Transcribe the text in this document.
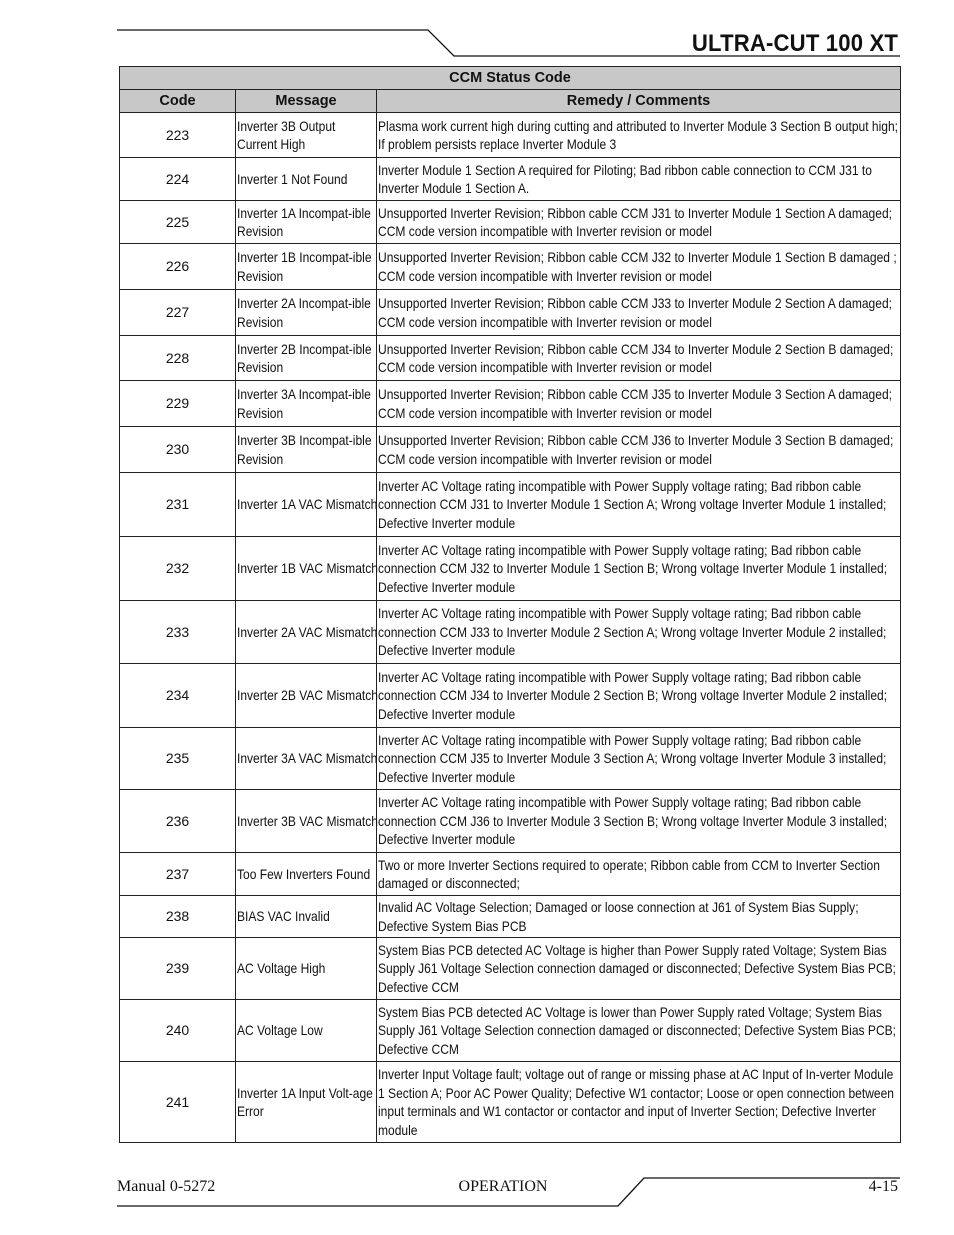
ULTRA-CUT 100 XT
CCM Status Code		
Code	Message	Remedy / Comments
223	Inverter 3B Output Current High	Plasma work current high during cutting and attributed to Inverter Module 3 Section B output high; If problem persists replace Inverter Module 3
224	Inverter 1 Not Found	Inverter Module 1 Section A required for Piloting; Bad ribbon cable connection to CCM J31 to Inverter Module 1 Section A.
225	Inverter 1A Incompat-ible Revision	Unsupported Inverter Revision; Ribbon cable CCM J31 to Inverter Module 1 Section A damaged; CCM code version incompatible with Inverter revision or model
226	Inverter 1B Incompat-ible Revision	Unsupported Inverter Revision; Ribbon cable CCM J32 to Inverter Module 1 Section B damaged ; CCM code version incompatible with Inverter revision or model
227	Inverter 2A Incompat-ible Revision	Unsupported Inverter Revision; Ribbon cable CCM J33 to Inverter Module 2 Section A damaged; CCM code version incompatible with Inverter revision or model
228	Inverter 2B Incompat-ible Revision	Unsupported Inverter Revision; Ribbon cable CCM J34 to Inverter Module 2 Section B damaged; CCM code version incompatible with Inverter revision or model
229	Inverter 3A Incompat-ible Revision	Unsupported Inverter Revision; Ribbon cable CCM J35 to Inverter Module 3 Section A damaged; CCM code version incompatible with Inverter revision or model
230	Inverter 3B Incompat-ible Revision	Unsupported Inverter Revision; Ribbon cable CCM J36 to Inverter Module 3 Section B damaged; CCM code version incompatible with Inverter revision or model
231	Inverter 1A VAC Mismatch	Inverter AC Voltage rating incompatible with Power Supply voltage rating; Bad ribbon cable connection CCM J31 to Inverter Module 1 Section A; Wrong voltage Inverter Module 1 installed; Defective Inverter module
232	Inverter 1B VAC Mismatch	Inverter AC Voltage rating incompatible with Power Supply voltage rating; Bad ribbon cable connection CCM J32 to Inverter Module 1 Section B; Wrong voltage Inverter Module 1 installed; Defective Inverter module
233	Inverter 2A VAC Mismatch	Inverter AC Voltage rating incompatible with Power Supply voltage rating; Bad ribbon cable connection CCM J33 to Inverter Module 2 Section A; Wrong voltage Inverter Module 2 installed; Defective Inverter module
234	Inverter 2B VAC Mismatch	Inverter AC Voltage rating incompatible with Power Supply voltage rating; Bad ribbon cable connection CCM J34 to Inverter Module 2 Section B; Wrong voltage Inverter Module 2 installed; Defective Inverter module
235	Inverter 3A VAC Mismatch	Inverter AC Voltage rating incompatible with Power Supply voltage rating; Bad ribbon cable connection CCM J35 to Inverter Module 3 Section A; Wrong voltage Inverter Module 3 installed; Defective Inverter module
236	Inverter 3B VAC Mismatch	Inverter AC Voltage rating incompatible with Power Supply voltage rating; Bad ribbon cable connection CCM J36 to Inverter Module 3 Section B; Wrong voltage Inverter Module 3 installed; Defective Inverter module
237	Too Few Inverters Found	Two or more Inverter Sections required to operate; Ribbon cable from CCM to Inverter Section damaged or disconnected;
238	BIAS VAC Invalid	Invalid AC Voltage Selection; Damaged or loose connection at J61 of System Bias Supply; Defective System Bias PCB
239	AC Voltage High	System Bias PCB detected AC Voltage is higher than Power Supply rated Voltage; System Bias Supply J61 Voltage Selection connection damaged or disconnected; Defective System Bias PCB; Defective CCM
240	AC Voltage Low	System Bias PCB detected AC Voltage is lower than Power Supply rated Voltage; System Bias Supply J61 Voltage Selection connection damaged or disconnected; Defective System Bias PCB; Defective CCM
241	Inverter 1A Input Volt-age Error	Inverter Input Voltage fault; voltage out of range or missing phase at AC Input of In-verter Module 1 Section A; Poor AC Power Quality; Defective W1 contactor; Loose or open connection between input terminals and W1 contactor or contactor and input of Inverter Section; Defective Inverter module
Manual 0-5272	OPERATION	4-15
